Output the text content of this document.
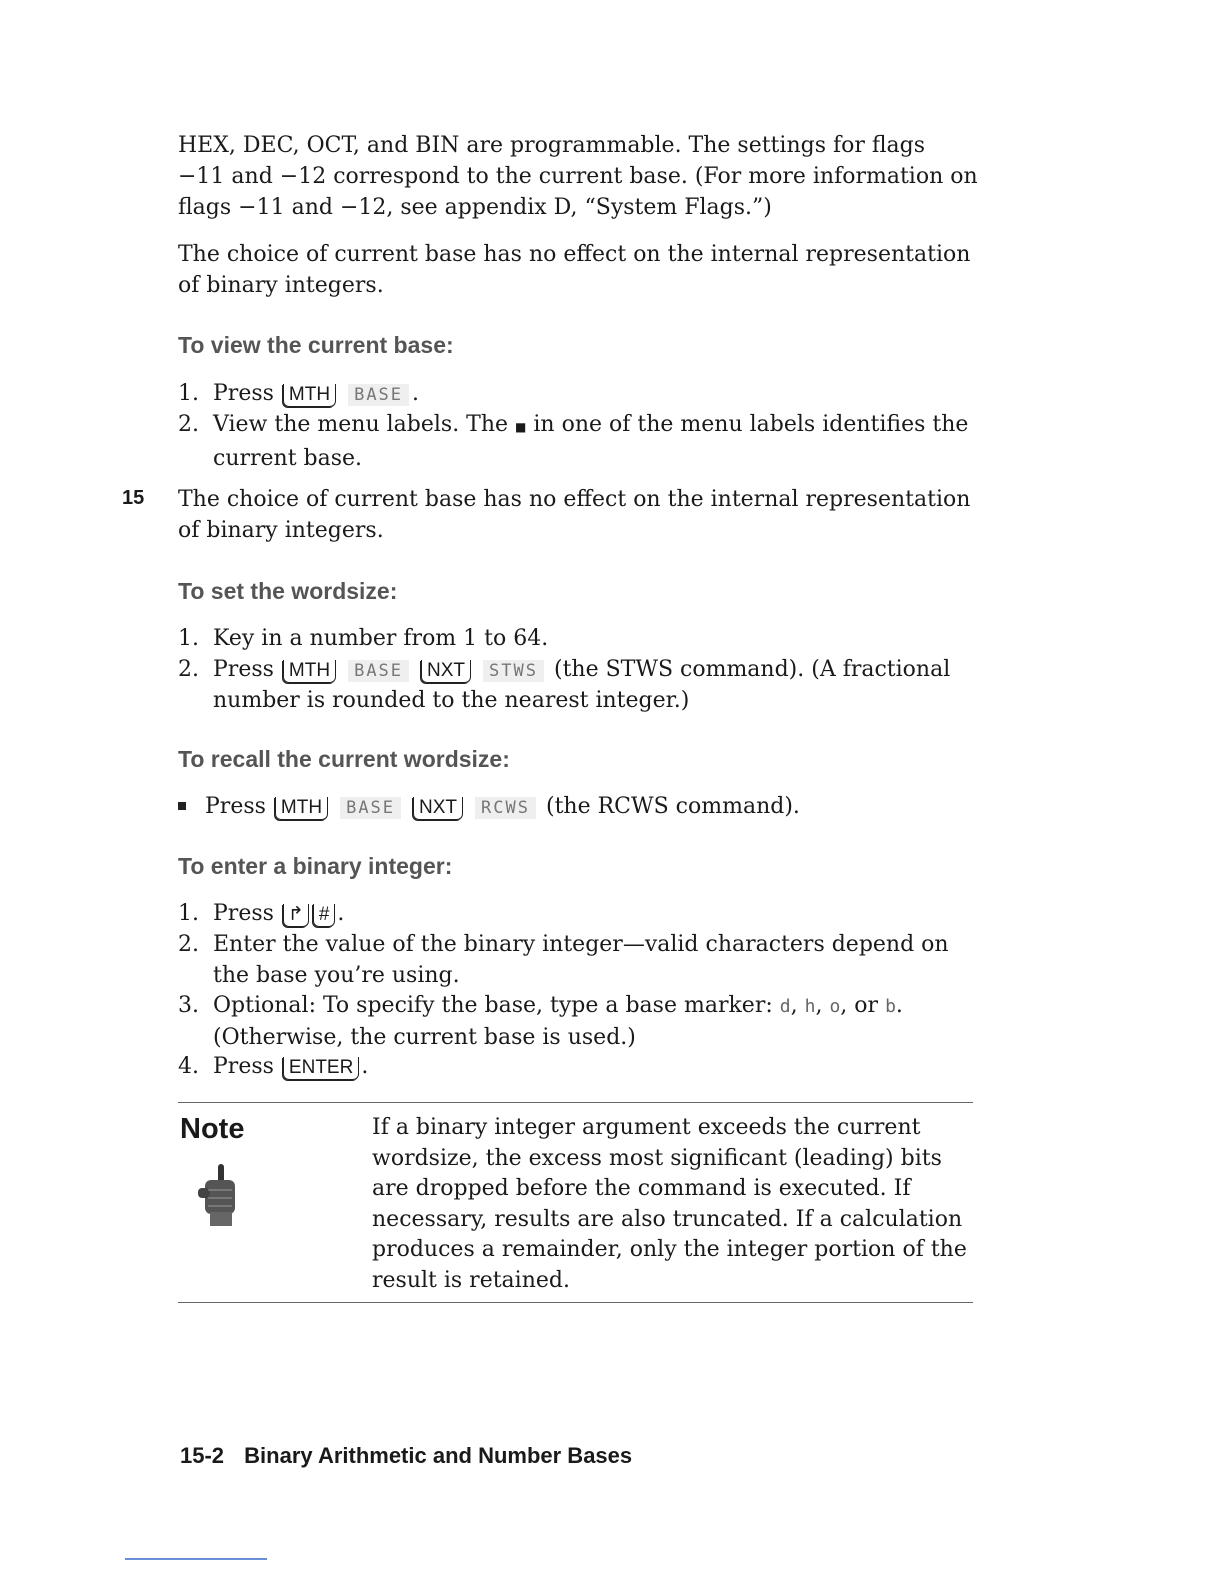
HEX, DEC, OCT, and BIN are programmable. The settings for flags −11 and −12 correspond to the current base. (For more information on flags −11 and −12, see appendix D, “System Flags.”)

The choice of current base has no effect on the internal representation of binary integers.

To view the current base:
1. Press MTH BASE .
2. View the menu labels. The ■ in one of the menu labels identifies the current base.
15 The choice of current base has no effect on the internal representation of binary integers.

To set the wordsize:
1. Key in a number from 1 to 64.
2. Press MTH BASE NXT STWS (the STWS command). (A fractional number is rounded to the nearest integer.)
To recall the current wordsize:
Press MTH BASE NXT RCWS (the RCWS command).
To enter a binary integer:
1. Press ↱ # .
2. Enter the value of the binary integer—valid characters depend on the base you’re using.
3. Optional: To specify the base, type a base marker: d, h, o, or b. (Otherwise, the current base is used.)
4. Press ENTER .
Note	If a binary integer argument exceeds the current wordsize, the excess most significant (leading) bits are dropped before the command is executed. If necessary, results are also truncated. If a calculation produces a remainder, only the integer portion of the result is retained.

15-2 Binary Arithmetic and Number Bases
